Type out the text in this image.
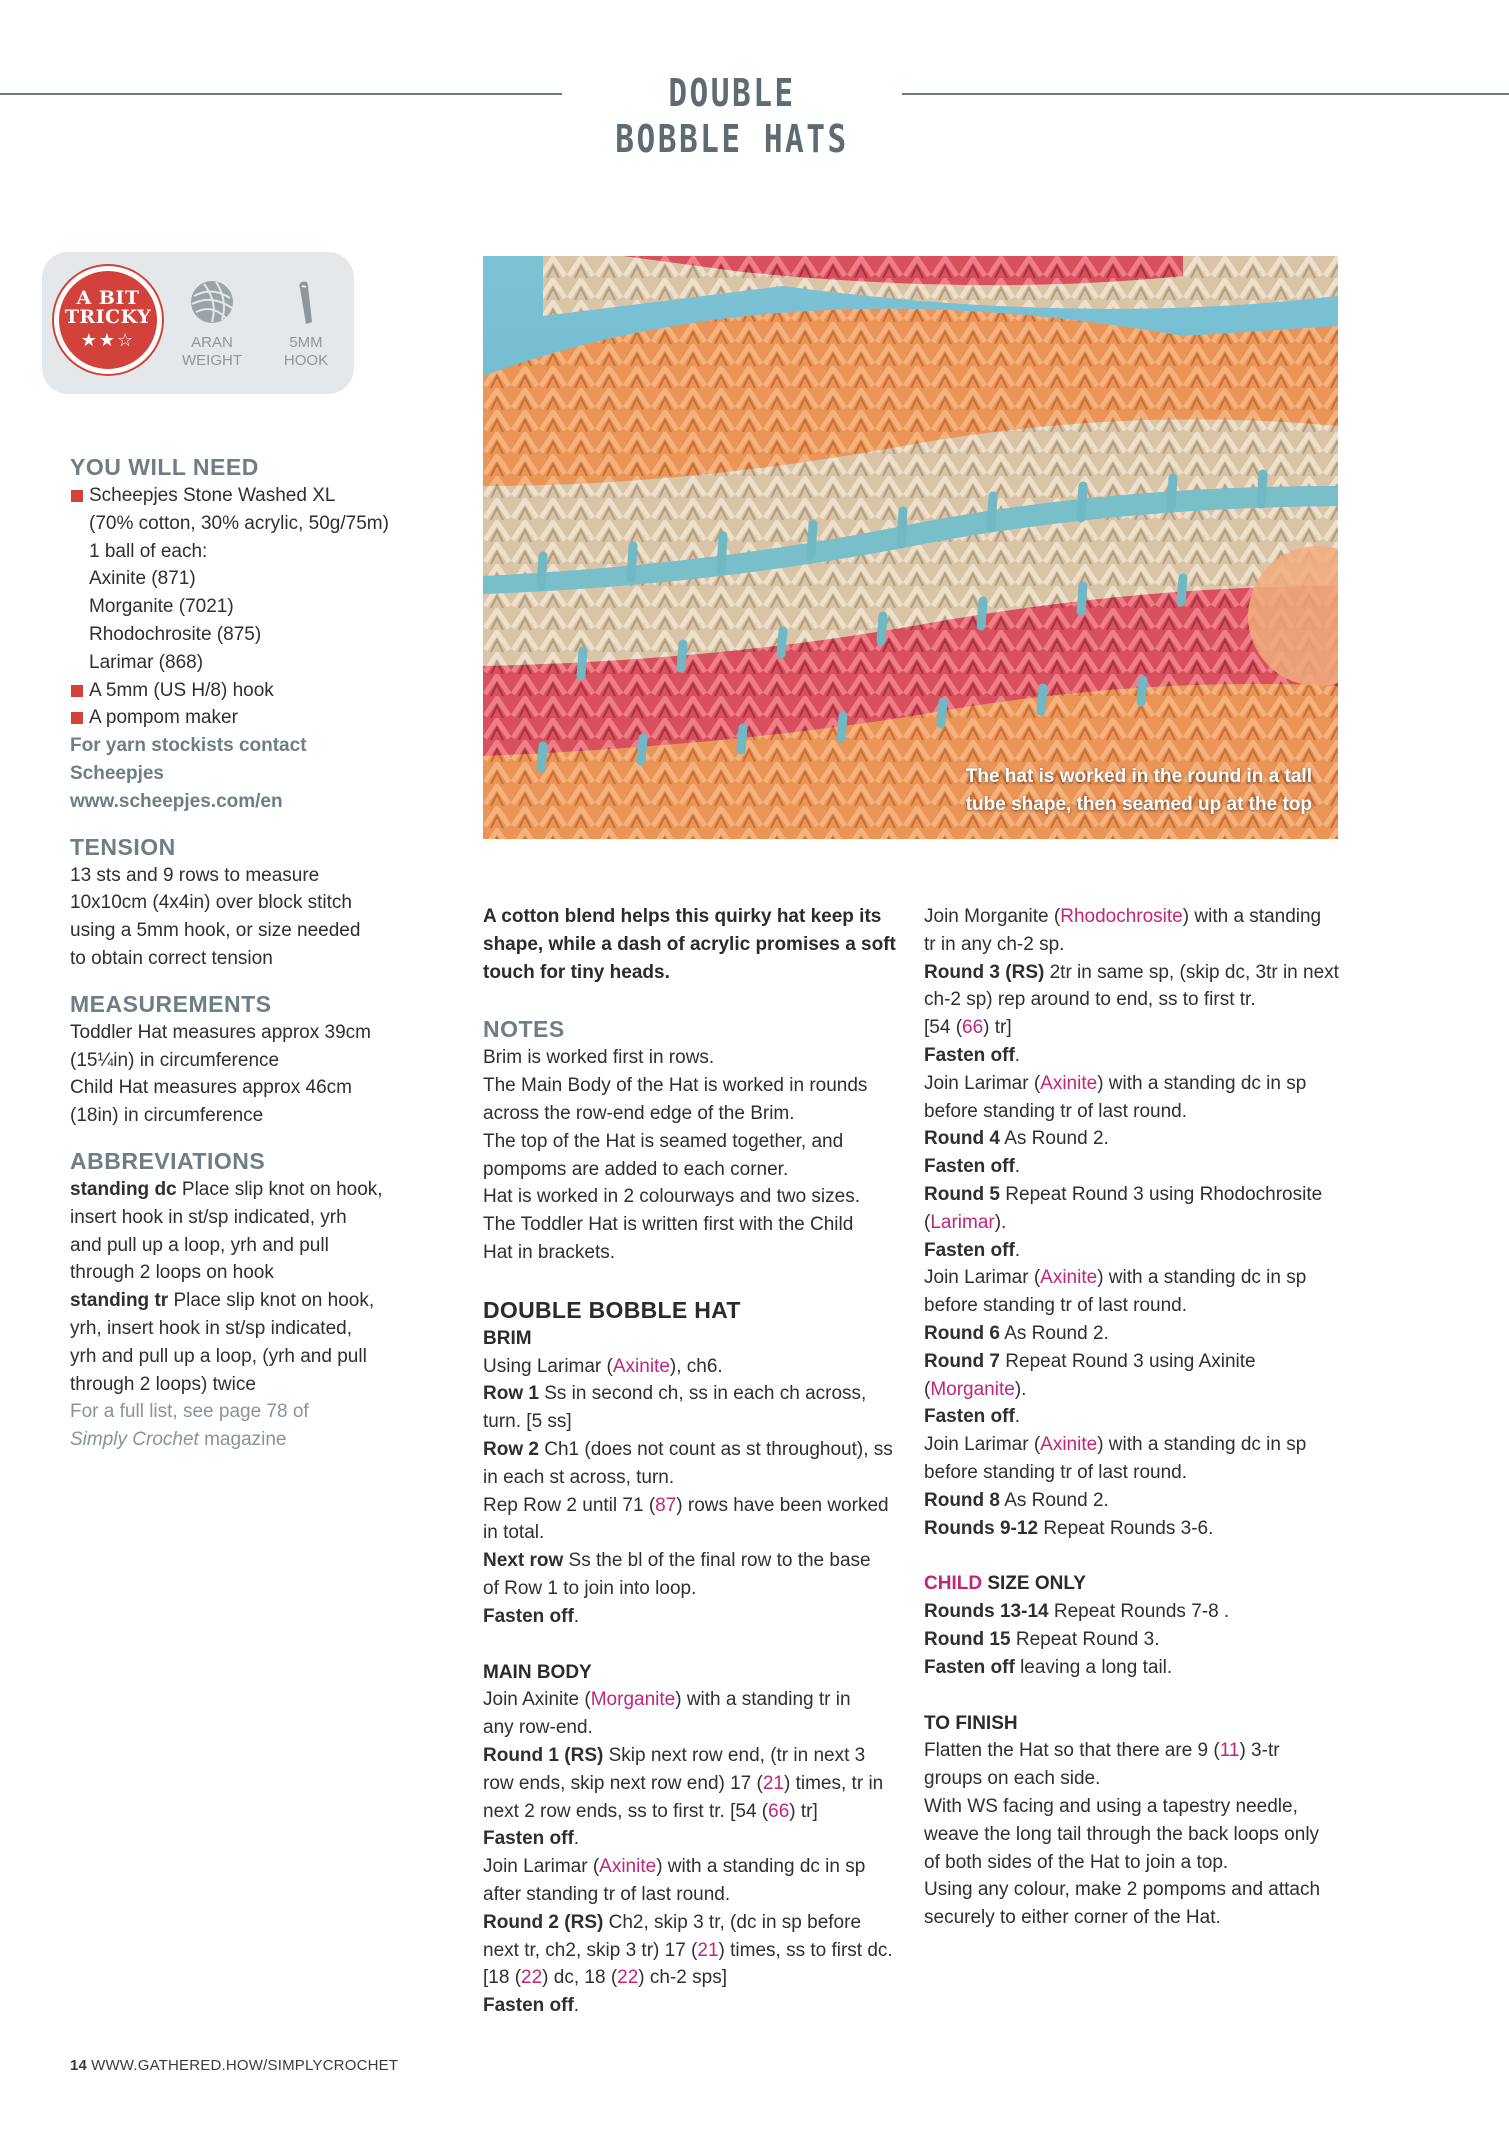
DOUBLE BOBBLE HATS
A BIT
TRICKY
★★☆	ARAN
WEIGHT
5MM
HOOK
The hat is worked in the round in a tall
tube shape, then seamed up at the top
YOU WILL NEED
Scheepjes Stone Washed XL
(70% cotton, 30% acrylic, 50g/75m)
1 ball of each:
Axinite (871)
Morganite (7021)
Rhodochrosite (875)
Larimar (868)
A 5mm (US H/8) hook
A pompom maker
For yarn stockists contact
Scheepjes
www.scheepjes.com/en
TENSION
13 sts and 9 rows to measure
10x10cm (4x4in) over block stitch
using a 5mm hook, or size needed
to obtain correct tension
MEASUREMENTS
Toddler Hat measures approx 39cm
(15¼in) in circumference
Child Hat measures approx 46cm
(18in) in circumference
ABBREVIATIONS
standing dc Place slip knot on hook,
insert hook in st/sp indicated, yrh
and pull up a loop, yrh and pull
through 2 loops on hook
standing tr Place slip knot on hook,
yrh, insert hook in st/sp indicated,
yrh and pull up a loop, (yrh and pull
through 2 loops) twice
For a full list, see page 78 of
Simply Crochet magazine
A cotton blend helps this quirky hat keep its
shape, while a dash of acrylic promises a soft
touch for tiny heads.
NOTES
Brim is worked first in rows.
The Main Body of the Hat is worked in rounds
across the row-end edge of the Brim.
The top of the Hat is seamed together, and
pompoms are added to each corner.
Hat is worked in 2 colourways and two sizes.
The Toddler Hat is written first with the Child
Hat in brackets.
DOUBLE BOBBLE HAT
BRIM
Using Larimar (Axinite), ch6.
Row 1 Ss in second ch, ss in each ch across,
turn. [5 ss]
Row 2 Ch1 (does not count as st throughout), ss
in each st across, turn.
Rep Row 2 until 71 (87) rows have been worked
in total.
Next row Ss the bl of the final row to the base
of Row 1 to join into loop.
Fasten off.
MAIN BODY
Join Axinite (Morganite) with a standing tr in
any row-end.
Round 1 (RS) Skip next row end, (tr in next 3
row ends, skip next row end) 17 (21) times, tr in
next 2 row ends, ss to first tr. [54 (66) tr]
Fasten off.
Join Larimar (Axinite) with a standing dc in sp
after standing tr of last round.
Round 2 (RS) Ch2, skip 3 tr, (dc in sp before
next tr, ch2, skip 3 tr) 17 (21) times, ss to first dc.
[18 (22) dc, 18 (22) ch-2 sps]
Fasten off.
Join Morganite (Rhodochrosite) with a standing
tr in any ch-2 sp.
Round 3 (RS) 2tr in same sp, (skip dc, 3tr in next
ch-2 sp) rep around to end, ss to first tr.
[54 (66) tr]
Fasten off.
Join Larimar (Axinite) with a standing dc in sp
before standing tr of last round.
Round 4 As Round 2.
Fasten off.
Round 5 Repeat Round 3 using Rhodochrosite
(Larimar).
Fasten off.
Join Larimar (Axinite) with a standing dc in sp
before standing tr of last round.
Round 6 As Round 2.
Round 7 Repeat Round 3 using Axinite
(Morganite).
Fasten off.
Join Larimar (Axinite) with a standing dc in sp
before standing tr of last round.
Round 8 As Round 2.
Rounds 9-12 Repeat Rounds 3-6.
CHILD SIZE ONLY
Rounds 13-14 Repeat Rounds 7-8 .
Round 15 Repeat Round 3.
Fasten off leaving a long tail.
TO FINISH
Flatten the Hat so that there are 9 (11) 3-tr
groups on each side.
With WS facing and using a tapestry needle,
weave the long tail through the back loops only
of both sides of the Hat to join a top.
Using any colour, make 2 pompoms and attach
securely to either corner of the Hat.
14 WWW.GATHERED.HOW/SIMPLYCROCHET
